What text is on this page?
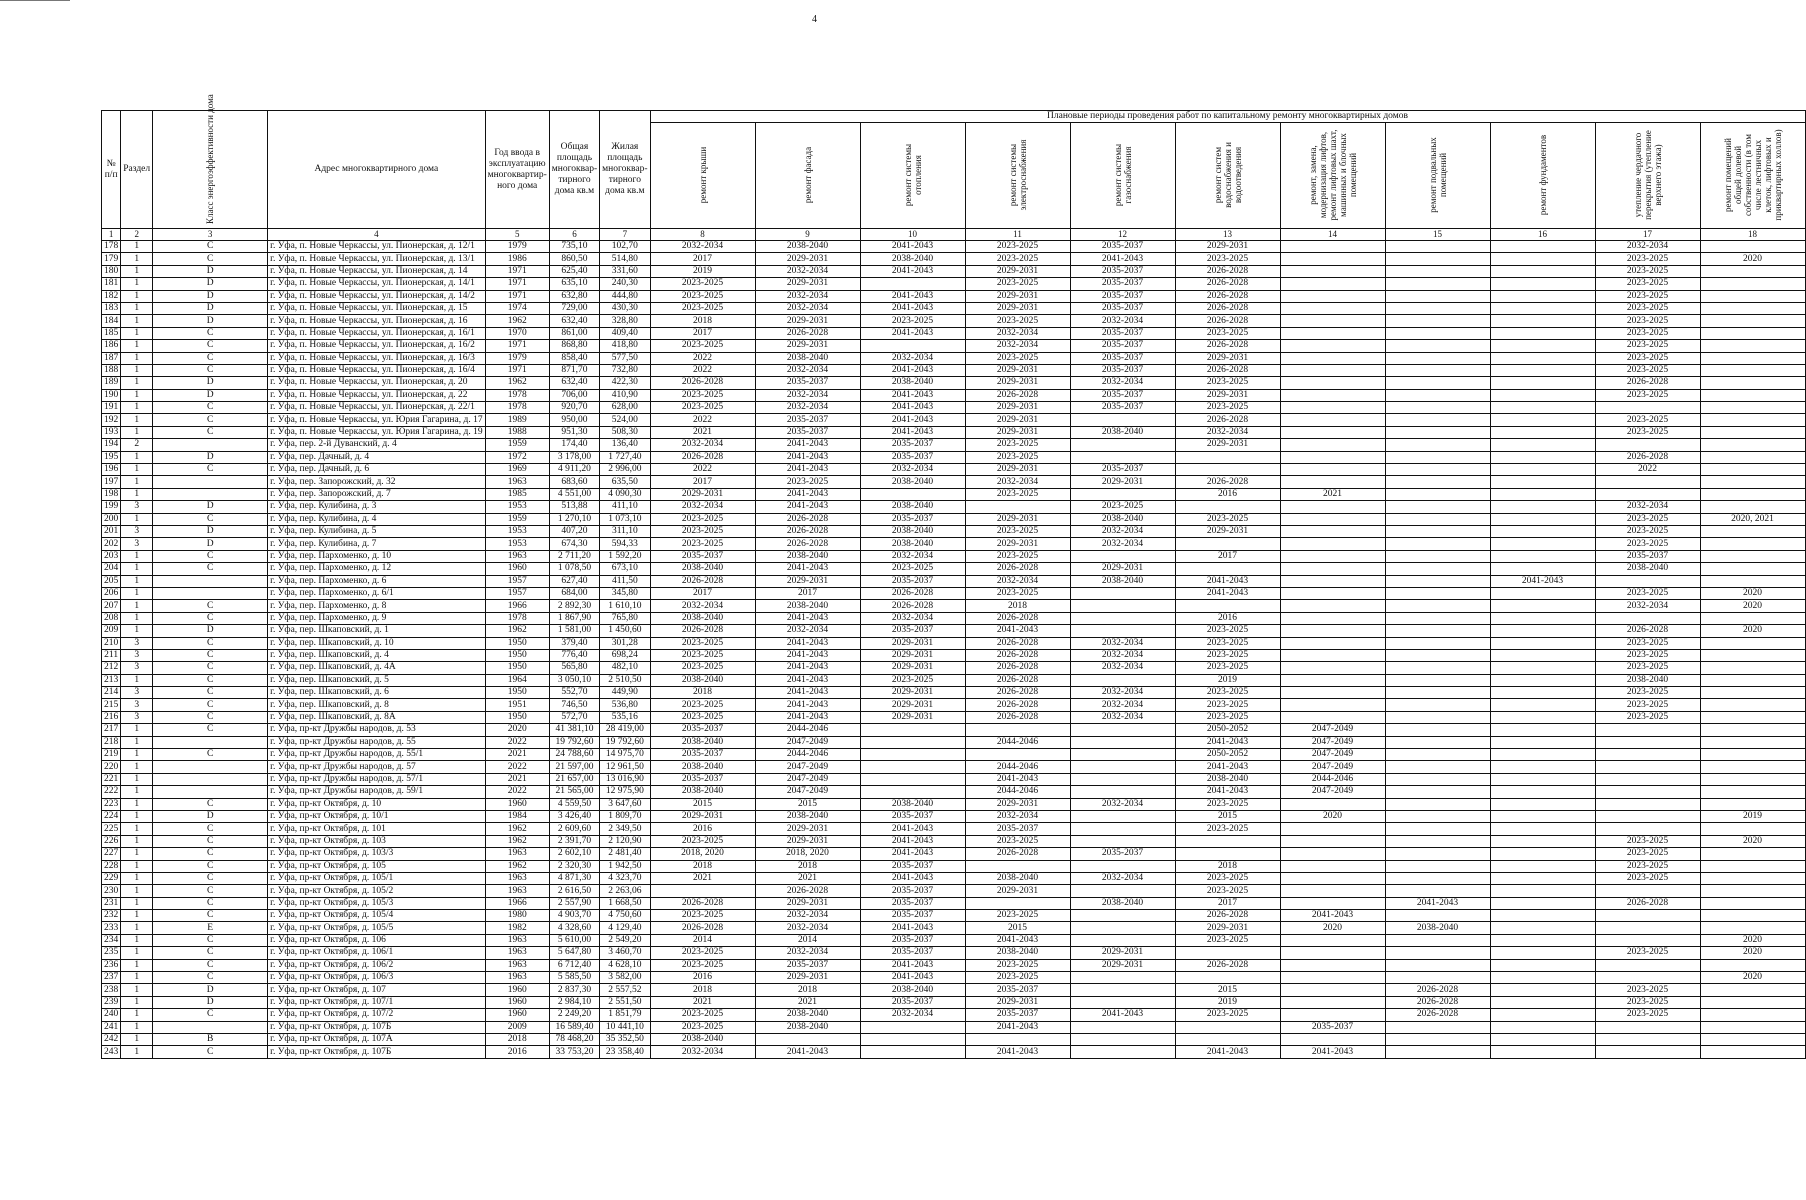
4
№ п/п	Раздел	Класс энергоэффективности дома	Адрес многоквартирного дома	Год ввода в эксплуатацию многоквартир-ного дома	Общая площадь многоквар-тирного дома кв.м	Жилая площадь многоквар-тирного дома кв.м	Плановые периоды проведения работ по капитальному ремонту многоквартирных домов										
							ремонт крыши	ремонт фасада	ремонт системы отопления	ремонт системы электроснабжения	ремонт системы газоснабжения	ремонт систем водоснабжения и водоотведения	ремонт, замена, модернизация лифтов, ремонт лифтовых шахт, машинных и блочных помещений	ремонт подвальных помещений	ремонт фундаментов	утепление чердачного перекрытия (утепление верхнего этажа)	ремонт помещений общей долевой собственности (в том числе лестничных клеток, лифтовых и приквартирных холлов)
1	2	3	4	5	6	7	8	9	10	11	12	13	14	15	16	17	18
178	1	C	г. Уфа, п. Новые Черкассы, ул. Пионерская, д. 12/1	1979	735,10	102,70	2032-2034	2038-2040	2041-2043	2023-2025	2035-2037	2029-2031				2032-2034	
179	1	C	г. Уфа, п. Новые Черкассы, ул. Пионерская, д. 13/1	1986	860,50	514,80	2017	2029-2031	2038-2040	2023-2025	2041-2043	2023-2025				2023-2025	2020
180	1	D	г. Уфа, п. Новые Черкассы, ул. Пионерская, д. 14	1971	625,40	331,60	2019	2032-2034	2041-2043	2029-2031	2035-2037	2026-2028				2023-2025	
181	1	D	г. Уфа, п. Новые Черкассы, ул. Пионерская, д. 14/1	1971	635,10	240,30	2023-2025	2029-2031		2023-2025	2035-2037	2026-2028				2023-2025	
182	1	D	г. Уфа, п. Новые Черкассы, ул. Пионерская, д. 14/2	1971	632,80	444,80	2023-2025	2032-2034	2041-2043	2029-2031	2035-2037	2026-2028				2023-2025	
183	1	D	г. Уфа, п. Новые Черкассы, ул. Пионерская, д. 15	1974	729,00	430,30	2023-2025	2032-2034	2041-2043	2029-2031	2035-2037	2026-2028				2023-2025	
184	1	D	г. Уфа, п. Новые Черкассы, ул. Пионерская, д. 16	1962	632,40	328,80	2018	2029-2031	2023-2025	2023-2025	2032-2034	2026-2028				2023-2025	
185	1	C	г. Уфа, п. Новые Черкассы, ул. Пионерская, д. 16/1	1970	861,00	409,40	2017	2026-2028	2041-2043	2032-2034	2035-2037	2023-2025				2023-2025	
186	1	C	г. Уфа, п. Новые Черкассы, ул. Пионерская, д. 16/2	1971	868,80	418,80	2023-2025	2029-2031		2032-2034	2035-2037	2026-2028				2023-2025	
187	1	C	г. Уфа, п. Новые Черкассы, ул. Пионерская, д. 16/3	1979	858,40	577,50	2022	2038-2040	2032-2034	2023-2025	2035-2037	2029-2031				2023-2025	
188	1	C	г. Уфа, п. Новые Черкассы, ул. Пионерская, д. 16/4	1971	871,70	732,80	2022	2032-2034	2041-2043	2029-2031	2035-2037	2026-2028				2023-2025	
189	1	D	г. Уфа, п. Новые Черкассы, ул. Пионерская, д. 20	1962	632,40	422,30	2026-2028	2035-2037	2038-2040	2029-2031	2032-2034	2023-2025				2026-2028	
190	1	D	г. Уфа, п. Новые Черкассы, ул. Пионерская, д. 22	1978	706,00	410,90	2023-2025	2032-2034	2041-2043	2026-2028	2035-2037	2029-2031				2023-2025	
191	1	C	г. Уфа, п. Новые Черкассы, ул. Пионерская, д. 22/1	1978	920,70	628,00	2023-2025	2032-2034	2041-2043	2029-2031	2035-2037	2023-2025					
192	1	C	г. Уфа, п. Новые Черкассы, ул. Юрия Гагарина, д. 17	1989	950,00	524,00	2022	2035-2037	2041-2043	2029-2031		2026-2028				2023-2025	
193	1	C	г. Уфа, п. Новые Черкассы, ул. Юрия Гагарина, д. 19	1988	951,30	508,30	2021	2035-2037	2041-2043	2029-2031	2038-2040	2032-2034				2023-2025	
194	2		г. Уфа, пер. 2-й Дуванский, д. 4	1959	174,40	136,40	2032-2034	2041-2043	2035-2037	2023-2025		2029-2031					
195	1	D	г. Уфа, пер. Дачный, д. 4	1972	3 178,00	1 727,40	2026-2028	2041-2043	2035-2037	2023-2025						2026-2028	
196	1	C	г. Уфа, пер. Дачный, д. 6	1969	4 911,20	2 996,00	2022	2041-2043	2032-2034	2029-2031	2035-2037					2022	
197	1		г. Уфа, пер. Запорожский, д. 32	1963	683,60	635,50	2017	2023-2025	2038-2040	2032-2034	2029-2031	2026-2028					
198	1		г. Уфа, пер. Запорожский, д. 7	1985	4 551,00	4 090,30	2029-2031	2041-2043		2023-2025		2016	2021				
199	3	D	г. Уфа, пер. Кулибина, д. 3	1953	513,88	411,10	2032-2034	2041-2043	2038-2040		2023-2025					2032-2034	
200	1	C	г. Уфа, пер. Кулибина, д. 4	1959	1 270,10	1 073,10	2023-2025	2026-2028	2035-2037	2029-2031	2038-2040	2023-2025				2023-2025	2020, 2021
201	3	D	г. Уфа, пер. Кулибина, д. 5	1953	407,20	311,10	2023-2025	2026-2028	2038-2040	2023-2025	2032-2034	2029-2031				2023-2025	
202	3	D	г. Уфа, пер. Кулибина, д. 7	1953	674,30	594,33	2023-2025	2026-2028	2038-2040	2029-2031	2032-2034					2023-2025	
203	1	C	г. Уфа, пер. Пархоменко, д. 10	1963	2 711,20	1 592,20	2035-2037	2038-2040	2032-2034	2023-2025		2017				2035-2037	
204	1	C	г. Уфа, пер. Пархоменко, д. 12	1960	1 078,50	673,10	2038-2040	2041-2043	2023-2025	2026-2028	2029-2031					2038-2040	
205	1		г. Уфа, пер. Пархоменко, д. 6	1957	627,40	411,50	2026-2028	2029-2031	2035-2037	2032-2034	2038-2040	2041-2043			2041-2043		
206	1		г. Уфа, пер. Пархоменко, д. 6/1	1957	684,00	345,80	2017	2017	2026-2028	2023-2025		2041-2043				2023-2025	2020
207	1	C	г. Уфа, пер. Пархоменко, д. 8	1966	2 892,30	1 610,10	2032-2034	2038-2040	2026-2028	2018						2032-2034	2020
208	1	C	г. Уфа, пер. Пархоменко, д. 9	1978	1 867,90	765,80	2038-2040	2041-2043	2032-2034	2026-2028		2016					
209	1	D	г. Уфа, пер. Шкаповский, д. 1	1962	1 581,00	1 450,60	2026-2028	2032-2034	2035-2037	2041-2043		2023-2025				2026-2028	2020
210	3	C	г. Уфа, пер. Шкаповский, д. 10	1950	379,40	301,28	2023-2025	2041-2043	2029-2031	2026-2028	2032-2034	2023-2025				2023-2025	
211	3	C	г. Уфа, пер. Шкаповский, д. 4	1950	776,40	698,24	2023-2025	2041-2043	2029-2031	2026-2028	2032-2034	2023-2025				2023-2025	
212	3	C	г. Уфа, пер. Шкаповский, д. 4А	1950	565,80	482,10	2023-2025	2041-2043	2029-2031	2026-2028	2032-2034	2023-2025				2023-2025	
213	1	C	г. Уфа, пер. Шкаповский, д. 5	1964	3 050,10	2 510,50	2038-2040	2041-2043	2023-2025	2026-2028		2019				2038-2040	
214	3	C	г. Уфа, пер. Шкаповский, д. 6	1950	552,70	449,90	2018	2041-2043	2029-2031	2026-2028	2032-2034	2023-2025				2023-2025	
215	3	C	г. Уфа, пер. Шкаповский, д. 8	1951	746,50	536,80	2023-2025	2041-2043	2029-2031	2026-2028	2032-2034	2023-2025				2023-2025	
216	3	C	г. Уфа, пер. Шкаповский, д. 8А	1950	572,70	535,16	2023-2025	2041-2043	2029-2031	2026-2028	2032-2034	2023-2025				2023-2025	
217	1	C	г. Уфа, пр-кт Дружбы народов, д. 53	2020	41 381,10	28 419,00	2035-2037	2044-2046				2050-2052	2047-2049				
218	1		г. Уфа, пр-кт Дружбы народов, д. 55	2022	19 792,60	19 792,60	2038-2040	2047-2049		2044-2046		2041-2043	2047-2049				
219	1	C	г. Уфа, пр-кт Дружбы народов, д. 55/1	2021	24 788,60	14 975,70	2035-2037	2044-2046				2050-2052	2047-2049				
220	1		г. Уфа, пр-кт Дружбы народов, д. 57	2022	21 597,00	12 961,50	2038-2040	2047-2049		2044-2046		2041-2043	2047-2049				
221	1		г. Уфа, пр-кт Дружбы народов, д. 57/1	2021	21 657,00	13 016,90	2035-2037	2047-2049		2041-2043		2038-2040	2044-2046				
222	1		г. Уфа, пр-кт Дружбы народов, д. 59/1	2022	21 565,00	12 975,90	2038-2040	2047-2049		2044-2046		2041-2043	2047-2049				
223	1	C	г. Уфа, пр-кт Октября, д. 10	1960	4 559,50	3 647,60	2015	2015	2038-2040	2029-2031	2032-2034	2023-2025					
224	1	D	г. Уфа, пр-кт Октября, д. 10/1	1984	3 426,40	1 809,70	2029-2031	2038-2040	2035-2037	2032-2034		2015	2020				2019
225	1	C	г. Уфа, пр-кт Октября, д. 101	1962	2 609,60	2 349,50	2016	2029-2031	2041-2043	2035-2037		2023-2025					
226	1	C	г. Уфа, пр-кт Октября, д. 103	1962	2 391,70	2 120,90	2023-2025	2029-2031	2041-2043	2023-2025						2023-2025	2020
227	1	C	г. Уфа, пр-кт Октября, д. 103/3	1963	2 602,10	2 481,40	2018, 2020	2018, 2020	2041-2043	2026-2028	2035-2037					2023-2025	
228	1	C	г. Уфа, пр-кт Октября, д. 105	1962	2 320,30	1 942,50	2018	2018	2035-2037			2018				2023-2025	
229	1	C	г. Уфа, пр-кт Октября, д. 105/1	1963	4 871,30	4 323,70	2021	2021	2041-2043	2038-2040	2032-2034	2023-2025				2023-2025	
230	1	C	г. Уфа, пр-кт Октября, д. 105/2	1963	2 616,50	2 263,06		2026-2028	2035-2037	2029-2031		2023-2025					
231	1	C	г. Уфа, пр-кт Октября, д. 105/3	1966	2 557,90	1 668,50	2026-2028	2029-2031	2035-2037		2038-2040	2017		2041-2043		2026-2028	
232	1	C	г. Уфа, пр-кт Октября, д. 105/4	1980	4 903,70	4 750,60	2023-2025	2032-2034	2035-2037	2023-2025		2026-2028	2041-2043				
233	1	E	г. Уфа, пр-кт Октября, д. 105/5	1982	4 328,60	4 129,40	2026-2028	2032-2034	2041-2043	2015		2029-2031	2020	2038-2040			
234	1	C	г. Уфа, пр-кт Октября, д. 106	1963	5 610,00	2 549,20	2014	2014	2035-2037	2041-2043		2023-2025					2020
235	1	C	г. Уфа, пр-кт Октября, д. 106/1	1963	5 647,80	3 460,70	2023-2025	2032-2034	2035-2037	2038-2040	2029-2031					2023-2025	2020
236	1	C	г. Уфа, пр-кт Октября, д. 106/2	1963	6 712,40	4 628,10	2023-2025	2035-2037	2041-2043	2023-2025	2029-2031	2026-2028					
237	1	C	г. Уфа, пр-кт Октября, д. 106/3	1963	5 585,50	3 582,00	2016	2029-2031	2041-2043	2023-2025							2020
238	1	D	г. Уфа, пр-кт Октября, д. 107	1960	2 837,30	2 557,52	2018	2018	2038-2040	2035-2037		2015		2026-2028		2023-2025	
239	1	D	г. Уфа, пр-кт Октября, д. 107/1	1960	2 984,10	2 551,50	2021	2021	2035-2037	2029-2031		2019		2026-2028		2023-2025	
240	1	C	г. Уфа, пр-кт Октября, д. 107/2	1960	2 249,20	1 851,79	2023-2025	2038-2040	2032-2034	2035-2037	2041-2043	2023-2025		2026-2028		2023-2025	
241	1		г. Уфа, пр-кт Октября, д. 107Б	2009	16 589,40	10 441,10	2023-2025	2038-2040		2041-2043			2035-2037				
242	1	B	г. Уфа, пр-кт Октября, д. 107А	2018	78 468,20	35 352,50	2038-2040										
243	1	C	г. Уфа, пр-кт Октября, д. 107Б	2016	33 753,20	23 358,40	2032-2034	2041-2043		2041-2043		2041-2043	2041-2043				
